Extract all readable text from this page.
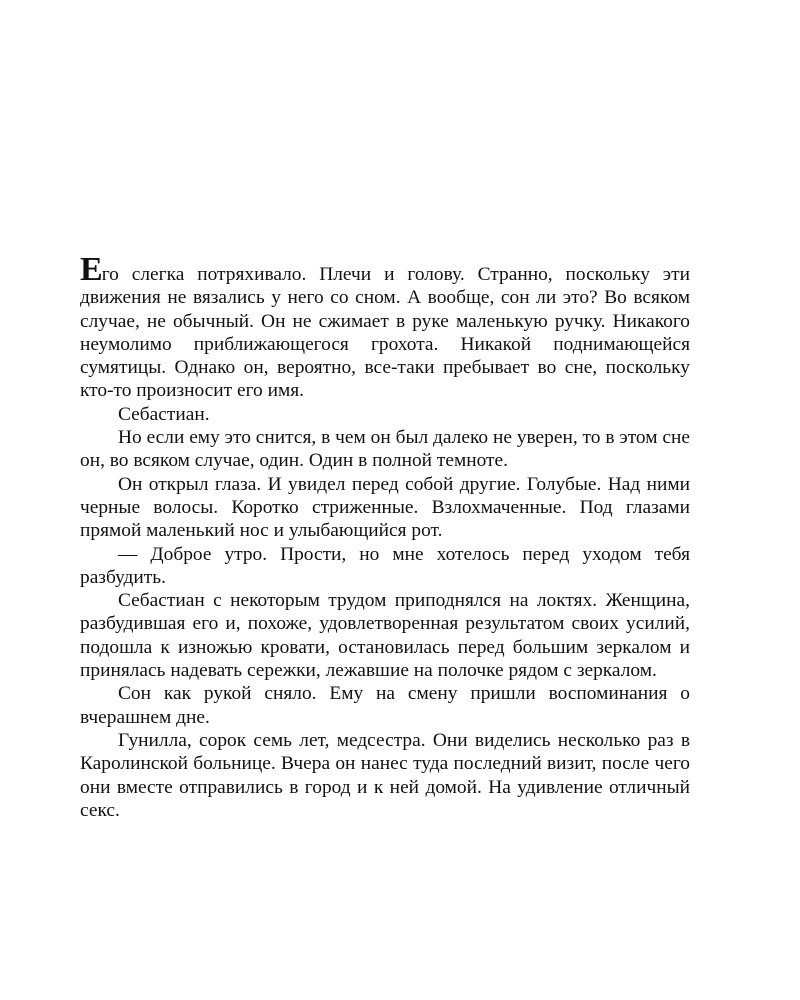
Его слегка потряхивало. Плечи и голову. Странно, поскольку эти движения не вязались у него со сном. А вообще, сон ли это? Во всяком случае, не обычный. Он не сжимает в руке маленькую ручку. Никакого неумолимо приближающегося грохота. Никакой поднимающейся сумятицы. Однако он, вероятно, все-таки пребывает во сне, поскольку кто-то произносит его имя.

Себастиан.

Но если ему это снится, в чем он был далеко не уверен, то в этом сне он, во всяком случае, один. Один в полной темноте.

Он открыл глаза. И увидел перед собой другие. Голубые. Над ними черные волосы. Коротко стриженные. Взлохмаченные. Под глазами прямой маленький нос и улыбающийся рот.

— Доброе утро. Прости, но мне хотелось перед уходом тебя разбудить.

Себастиан с некоторым трудом приподнялся на локтях. Женщина, разбудившая его и, похоже, удовлетворенная результатом своих усилий, подошла к изножью кровати, остановилась перед большим зеркалом и принялась надевать сережки, лежавшие на полочке рядом с зеркалом.

Сон как рукой сняло. Ему на смену пришли воспоминания о вчерашнем дне.

Гунилла, сорок семь лет, медсестра. Они виделись несколько раз в Каролинской больнице. Вчера он нанес туда последний визит, после чего они вместе отправились в город и к ней домой. На удивление отличный секс.
